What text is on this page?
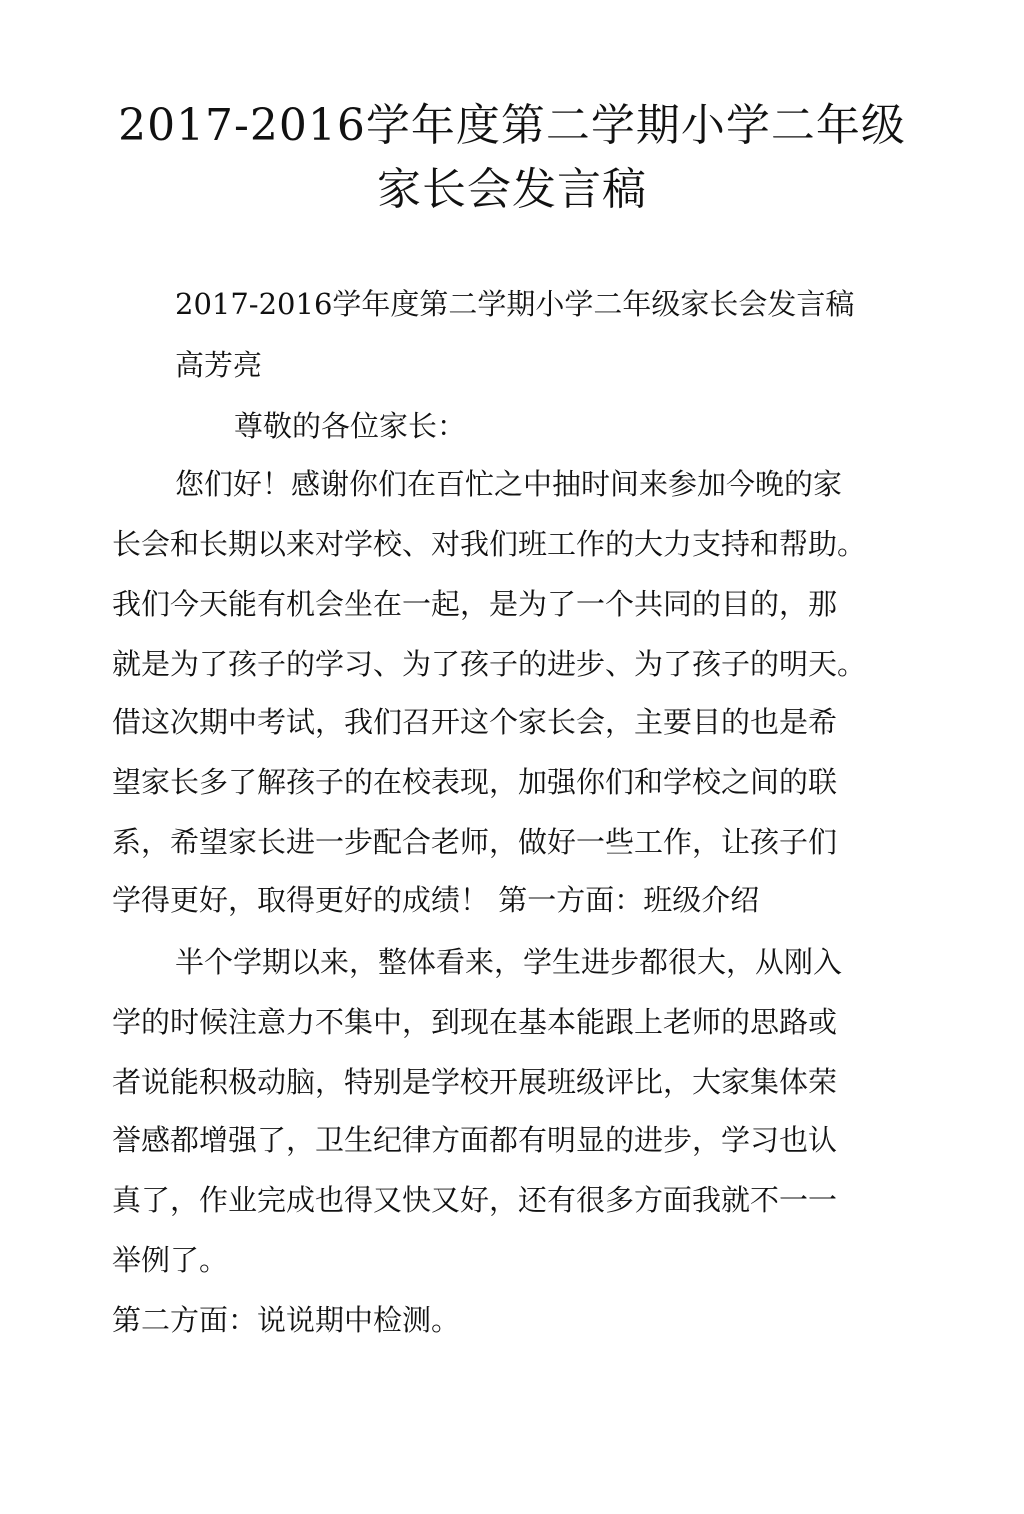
2017-2016学年度第二学期小学二年级
家长会发言稿
2017-2016学年度第二学期小学二年级家长会发言稿
高芳亮
尊敬的各位家长：
您们好！感谢你们在百忙之中抽时间来参加今晚的家
长会和长期以来对学校、对我们班工作的大力支持和帮助。
我们今天能有机会坐在一起，是为了一个共同的目的，那
就是为了孩子的学习、为了孩子的进步、为了孩子的明天。
借这次期中考试，我们召开这个家长会，主要目的也是希
望家长多了解孩子的在校表现，加强你们和学校之间的联
系，希望家长进一步配合老师，做好一些工作，让孩子们
学得更好，取得更好的成绩！ 第一方面：班级介绍
半个学期以来，整体看来，学生进步都很大，从刚入
学的时候注意力不集中，到现在基本能跟上老师的思路或
者说能积极动脑，特别是学校开展班级评比，大家集体荣
誉感都增强了，卫生纪律方面都有明显的进步，学习也认
真了，作业完成也得又快又好，还有很多方面我就不一一
举例了。
第二方面：说说期中检测。
